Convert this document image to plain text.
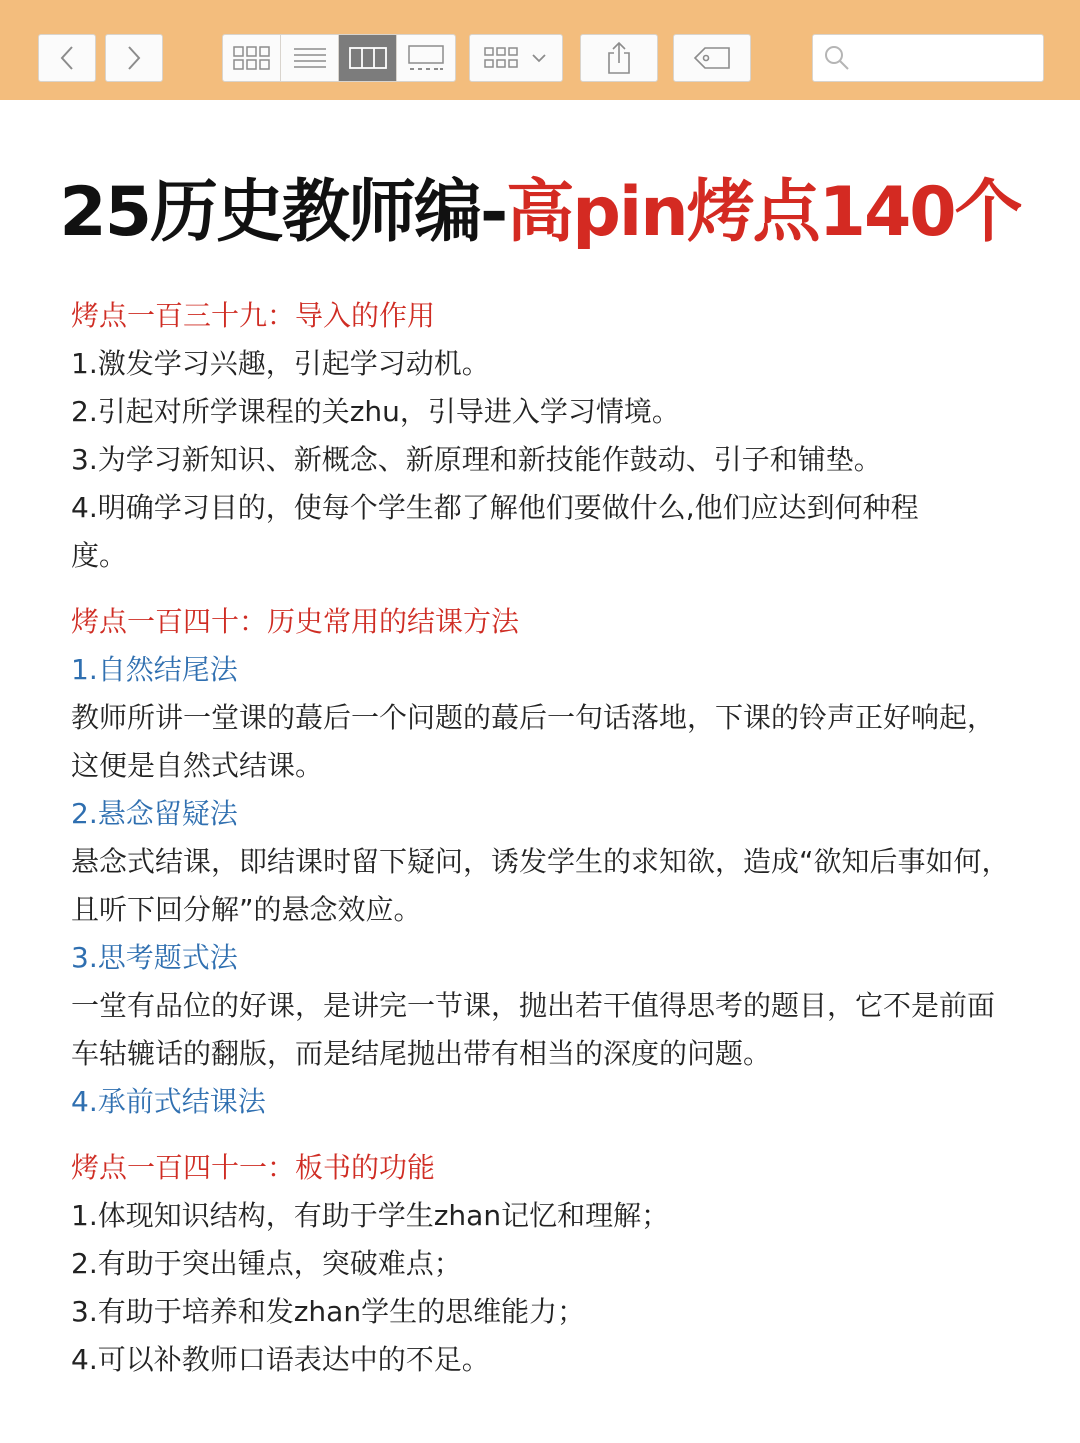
25历史教师编-高pin烤点140个

烤点一百三十九：导入的作用

1.激发学习兴趣，引起学习动机。

2.引起对所学课程的关zhu，引导进入学习情境。

3.为学习新知识、新概念、新原理和新技能作鼓动、引子和铺垫。

4.明确学习目的，使每个学生都了解他们要做什么,他们应达到何种程度。

烤点一百四十：历史常用的结课方法

1.自然结尾法

教师所讲一堂课的蕞后一个问题的蕞后一句话落地，下课的铃声正好响起，这便是自然式结课。

2.悬念留疑法

悬念式结课，即结课时留下疑问，诱发学生的求知欲，造成“欲知后事如何，且听下回分解”的悬念效应。

3.思考题式法

一堂有品位的好课，是讲完一节课，抛出若干值得思考的题目，它不是前面车轱辘话的翻版，而是结尾抛出带有相当的深度的问题。

4.承前式结课法

烤点一百四十一：板书的功能

1.体现知识结构，有助于学生zhan记忆和理解；

2.有助于突出锺点，突破难点；

3.有助于培养和发zhan学生的思维能力；

4.可以补教师口语表达中的不足。
